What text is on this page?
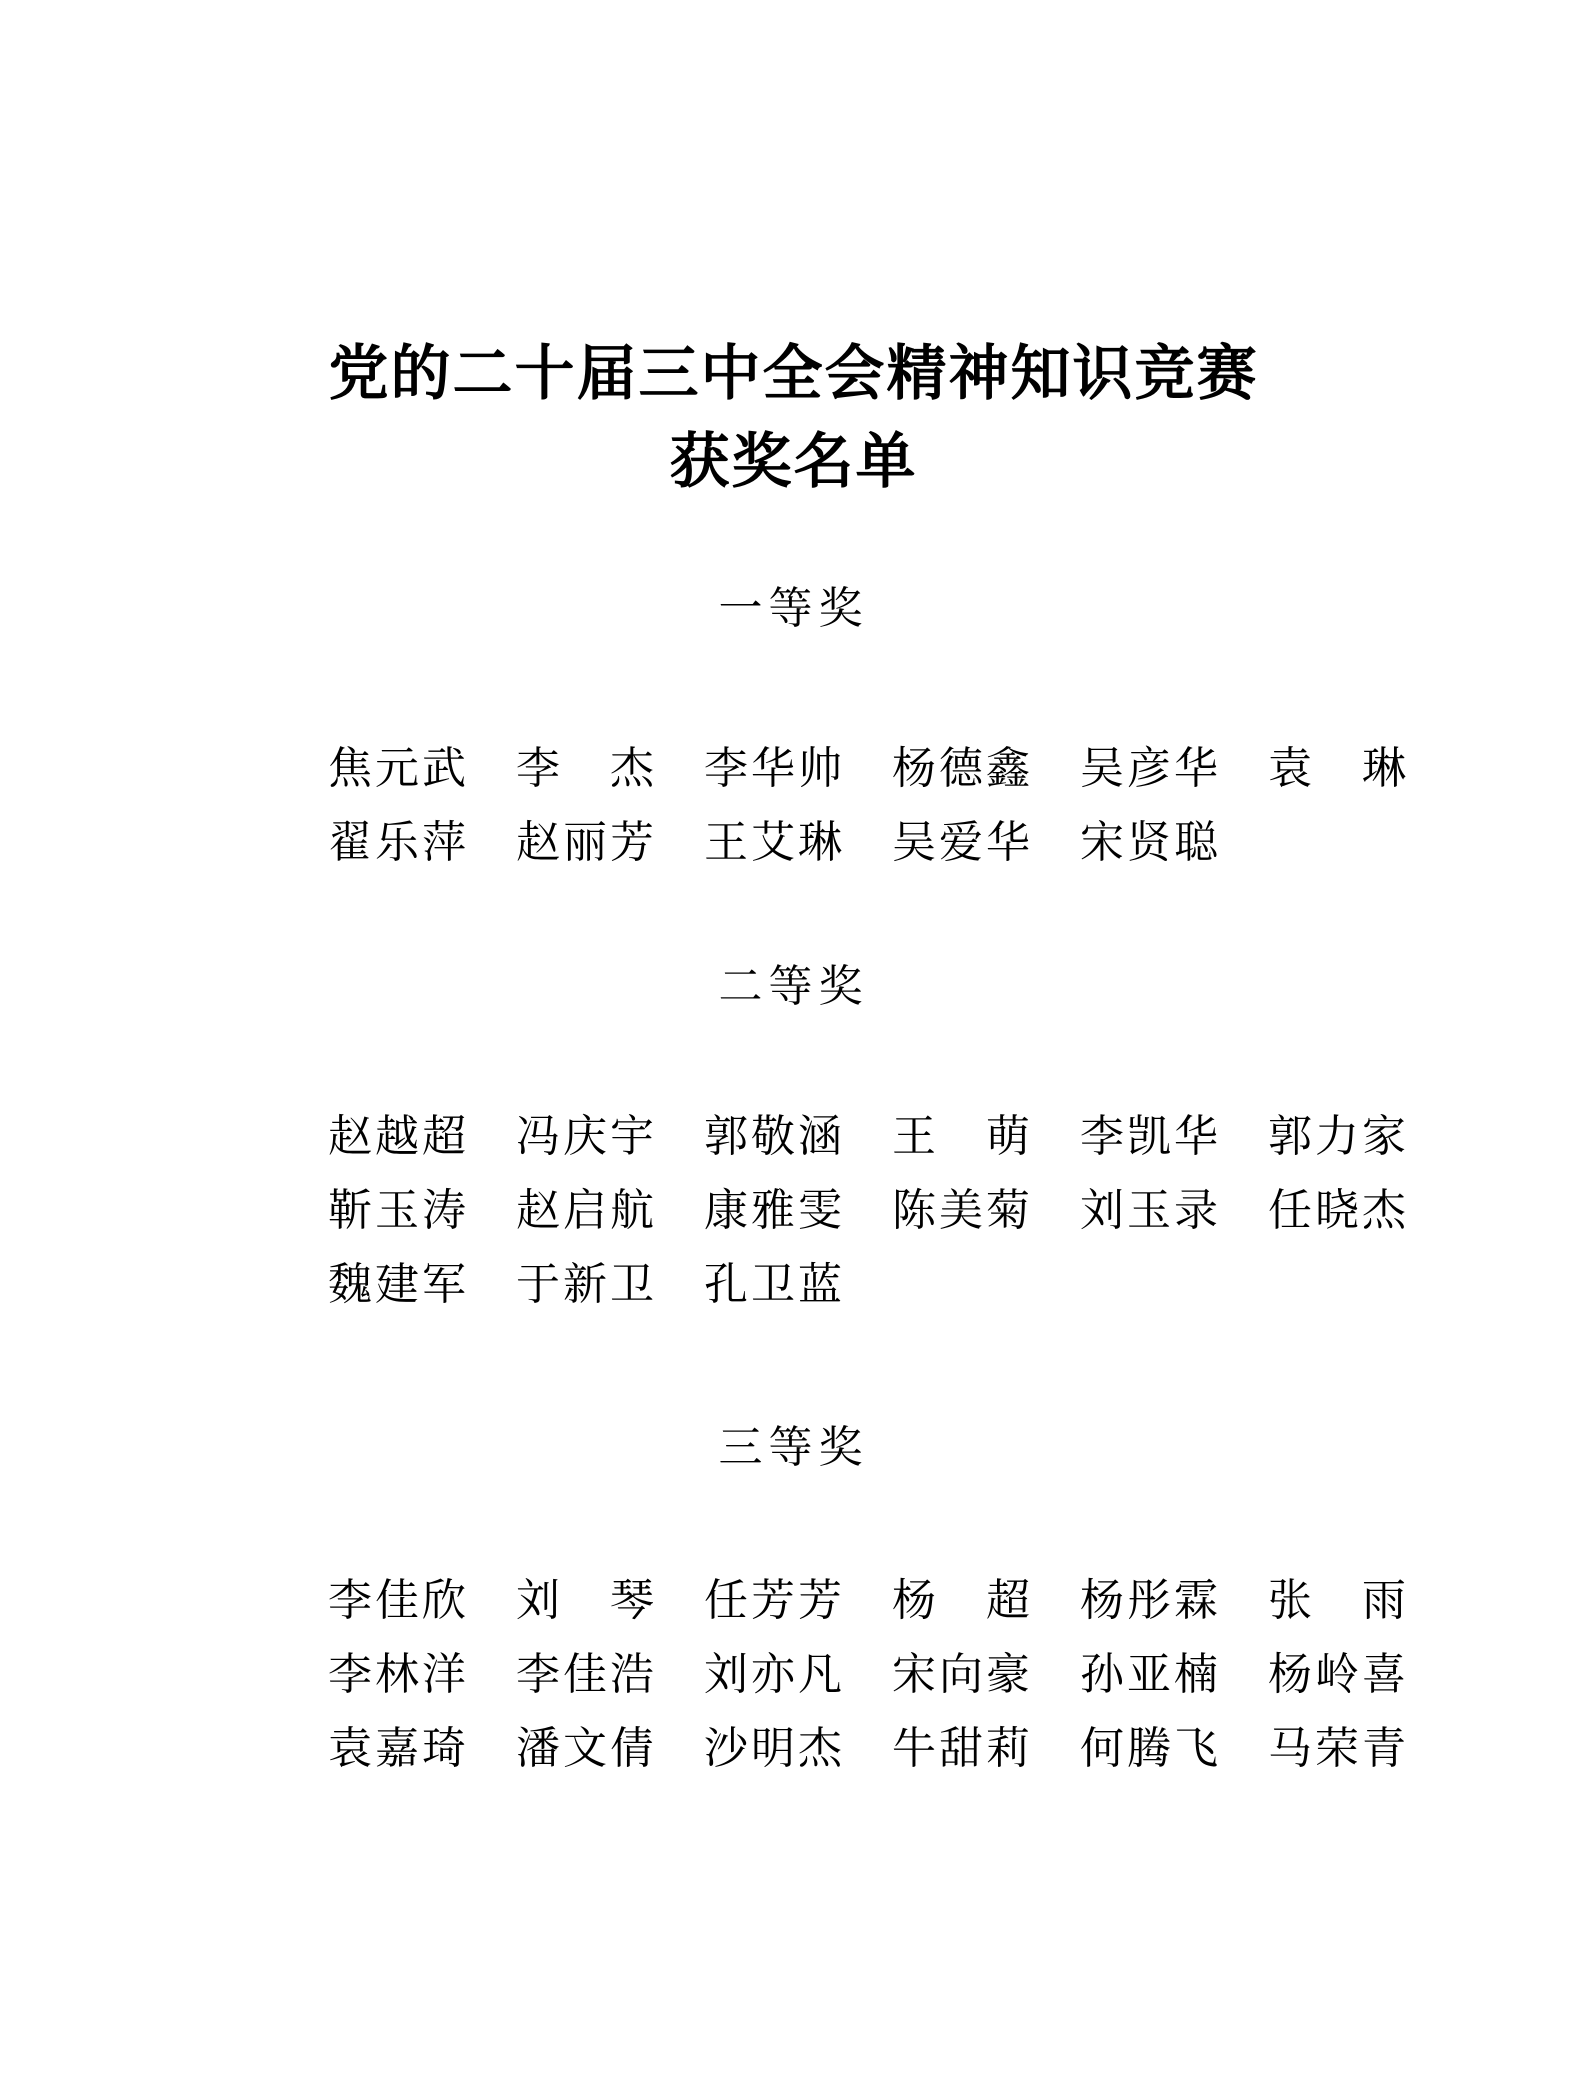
党的二十届三中全会精神知识竞赛
获奖名单
一等奖
焦元武　李　杰　李华帅　杨德鑫　吴彦华　袁　琳
翟乐萍　赵丽芳　王艾琳　吴爱华　宋贤聪
二等奖
赵越超　冯庆宇　郭敬涵　王　萌　李凯华　郭力家
靳玉涛　赵启航　康雅雯　陈美菊　刘玉录　任晓杰
魏建军　于新卫　孔卫蓝
三等奖
李佳欣　刘　琴　任芳芳　杨　超　杨彤霖　张　雨
李林洋　李佳浩　刘亦凡　宋向豪　孙亚楠　杨岭喜
袁嘉琦　潘文倩　沙明杰　牛甜莉　何腾飞　马荣青
